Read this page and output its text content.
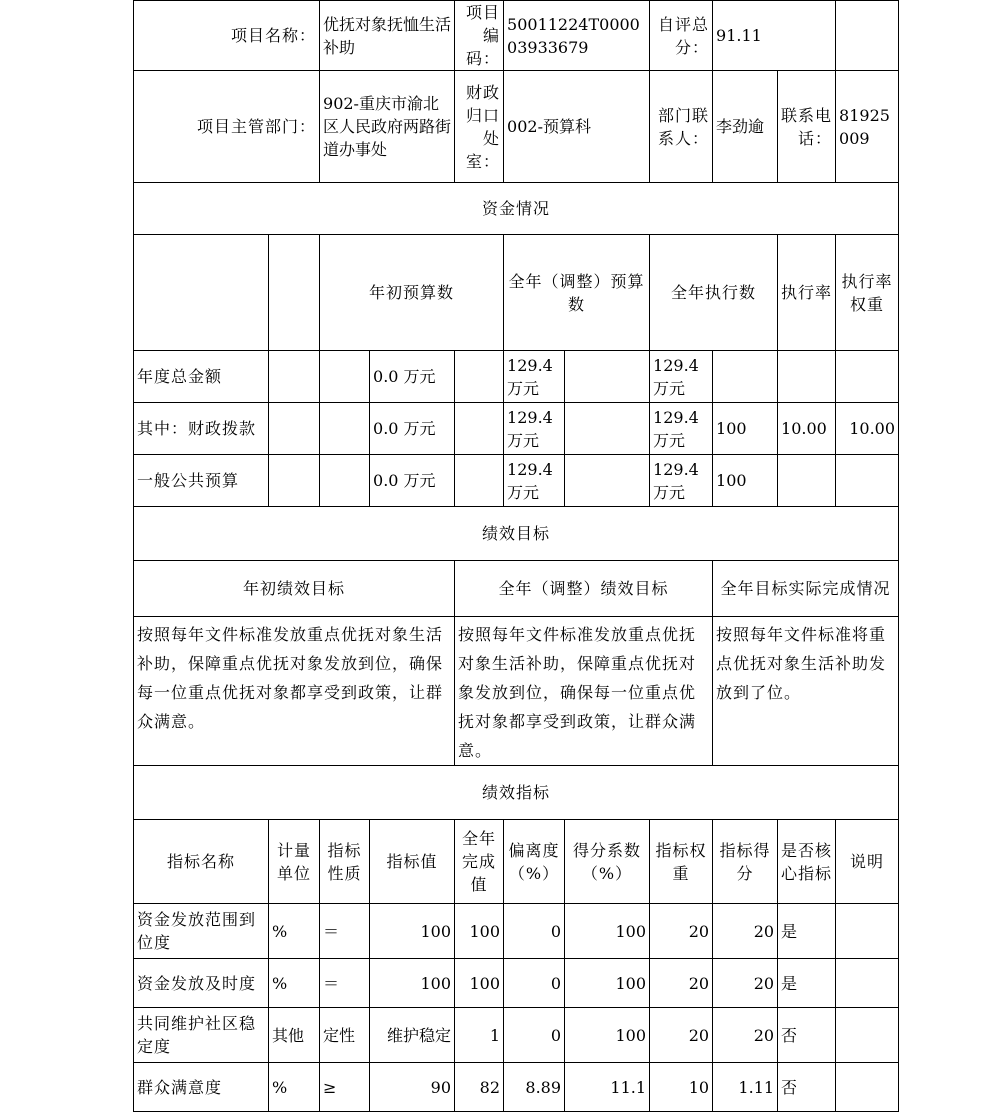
项目名称：		优抚对象抚恤生活补助		项目编码：	50011224T000003933679		自评总分：	91.11			
项目主管部门：		902-重庆市渝北区人民政府两路街道办事处		财政归口处室：	002-预算科		部门联系人：	李劲逾	联系电话：	81925009	
资金情况											
		年初预算数			全年（调整）预算数		全年执行数		执行率	执行率权重	
年度总金额			0.0 万元		129.4 万元		129.4 万元				
其中：财政拨款			0.0 万元		129.4 万元		129.4 万元	100	10.00	10.00	
一般公共预算			0.0 万元		129.4 万元		129.4 万元	100			
绩效目标											
年初绩效目标				全年（调整）绩效目标				全年目标实际完成情况			
按照每年文件标准发放重点优抚对象生活补助，保障重点优抚对象发放到位，确保每一位重点优抚对象都享受到政策，让群众满意。				按照每年文件标准发放重点优抚对象生活补助，保障重点优抚对象发放到位，确保每一位重点优抚对象都享受到政策，让群众满意。				按照每年文件标准将重点优抚对象生活补助发放到了位。			
绩效指标											
指标名称	计量单位	指标性质	指标值	全年完成值	偏离度（%）	得分系数（%）	指标权重	指标得分	是否核心指标	说明	
资金发放范围到位度	%	＝	100	100	0	100	20	20	是		
资金发放及时度	%	＝	100	100	0	100	20	20	是		
共同维护社区稳定度	其他	定性	维护稳定	1	0	100	20	20	否		
群众满意度	%	≥	90	82	8.89	11.1	10	1.11	否		
